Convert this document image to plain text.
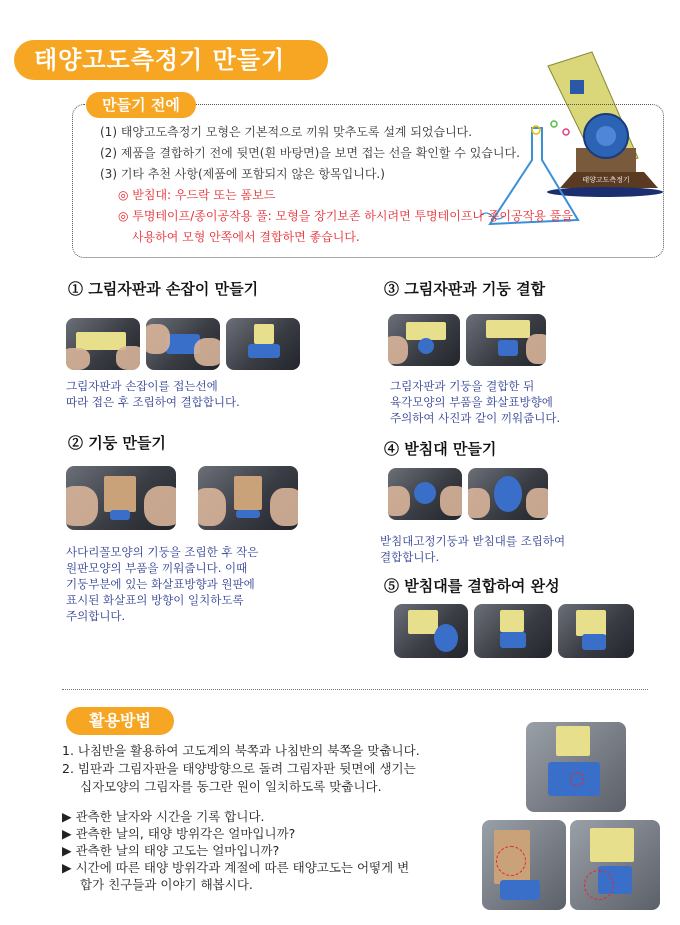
태양고도측정기 만들기
태양고도측정기
만들기 전에
(1) 태양고도측정기 모형은 기본적으로 끼워 맞추도록 설계 되었습니다.
(2) 제품을 결합하기 전에 뒷면(흰 바탕면)을 보면 접는 선을 확인할 수 있습니다.
(3) 기타 추천 사항(제품에 포함되지 않은 항목입니다.)
◎ 받침대: 우드락 또는 폼보드
◎ 투명테이프/종이공작용 풀: 모형을 장기보존 하시려면 투명테이프나 종이공작용 풀을
사용하여 모형 안쪽에서 결합하면 좋습니다.
① 그림자판과 손잡이 만들기
그림자판과 손잡이를 접는선에
따라 접은 후 조립하여 결합합니다.
② 기둥 만들기
사다리꼴모양의 기둥을 조립한 후 작은
원판모양의 부품을 끼워줍니다. 이때
기둥부분에 있는 화살표방향과 원판에
표시된 화살표의 방향이 일치하도록
주의합니다.
③ 그림자판과 기둥 결합
그림자판과 기둥을 결합한 뒤
육각모양의 부품을 화살표방향에
주의하여 사진과 같이 끼워줍니다.
④ 받침대 만들기
받침대고정기둥과 받침대를 조립하여
결합합니다.
⑤ 받침대를 결합하여 완성
활용방법
1. 나침반을 활용하여 고도계의 북쪽과 나침반의 북쪽을 맞춥니다.
2. 빔판과 그림자판을 태양방향으로 돌려 그림자판 뒷면에 생기는
십자모양의 그림자를 동그란 원이 일치하도록 맞춥니다.
▶ 관측한 날자와 시간을 기록 합니다.
▶ 관측한 날의, 태양 방위각은 얼마입니까?
▶ 관측한 날의 태양 고도는 얼마입니까?
▶ 시간에 따른 태양 방위각과 계절에 따른 태양고도는 어떻게 변
합가 친구들과 이야기 해봅시다.
